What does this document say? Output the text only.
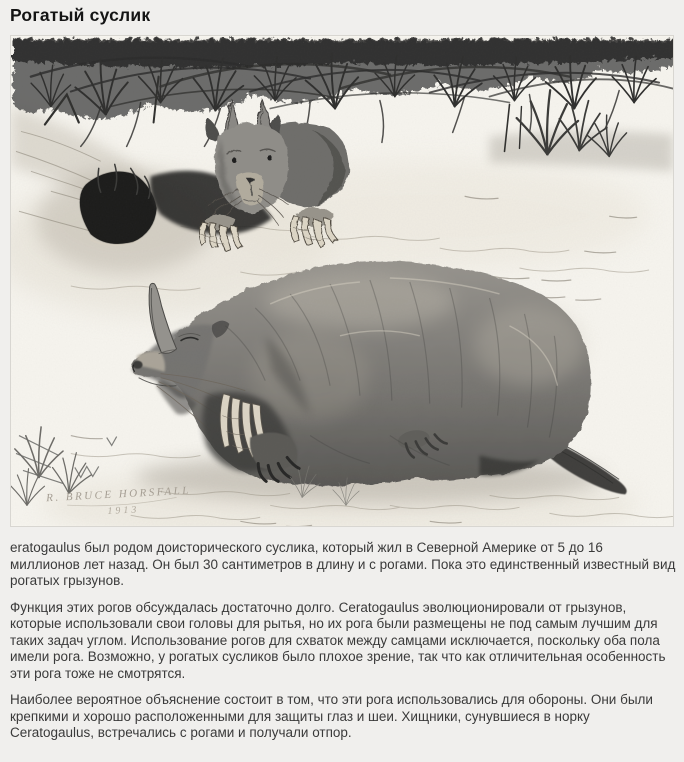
Рогатый суслик

eratogaulus был родом доисторического суслика, который жил в Северной Америке от 5 до 16 миллионов лет назад. Он был 30 сантиметров в длину и с рогами. Пока это единственный известный вид рогатых грызунов.

Функция этих рогов обсуждалась достаточно долго. Ceratogaulus эволюционировали от грызунов, которые использовали свои головы для рытья, но их рога были размещены не под самым лучшим для таких задач углом. Использование рогов для схваток между самцами исключается, поскольку оба пола имели рога. Возможно, у рогатых сусликов было плохое зрение, так что как отличительная особенность эти рога тоже не смотрятся.

Наиболее вероятное объяснение состоит в том, что эти рога использовались для обороны. Они были крепкими и хорошо расположенными для защиты глаз и шеи. Хищники, сунувшиеся в норку Ceratogaulus, встречались с рогами и получали отпор.
